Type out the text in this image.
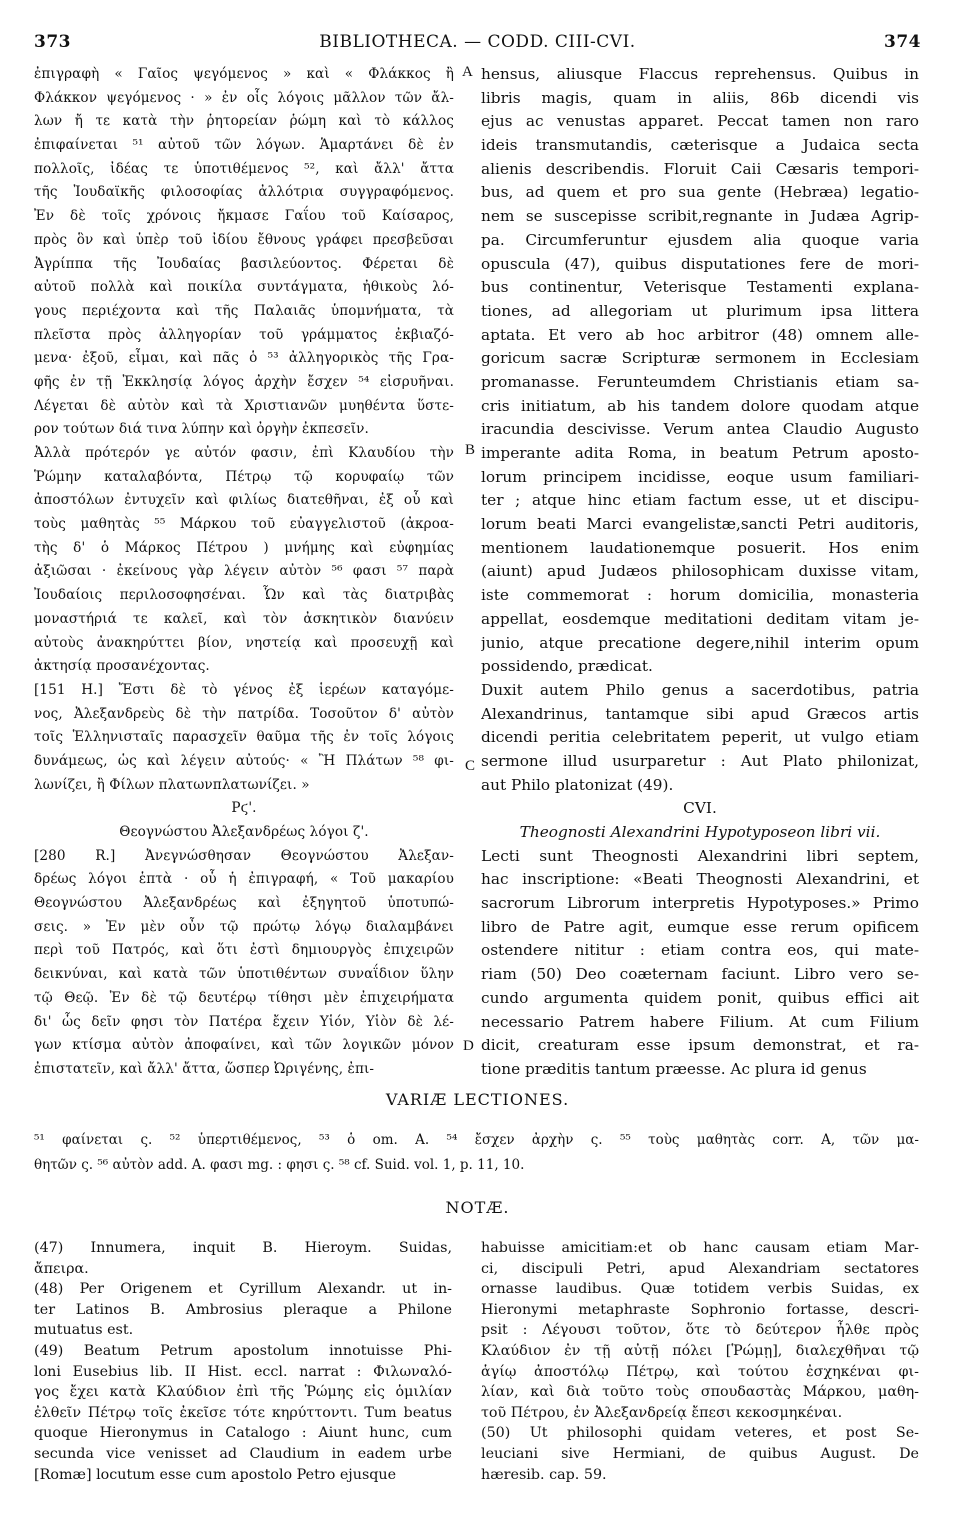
373	BIBLIOTHECA. — CODD. CIII-CVI.	374
ἐπιγραφὴ « Γαῖος ψεγόμενος » καὶ « Φλάκκος ἢ
Φλάκκον ψεγόμενος · » ἐν οἷς λόγοις μᾶλλον τῶν ἄλ-
λων ἤ τε κατὰ τὴν ῥητορείαν ῥώμη καὶ τὸ κάλλος
ἐπιφαίνεται ⁵¹ αὐτοῦ τῶν λόγων. Ἁμαρτάνει δὲ ἐν
πολλοῖς, ἰδέας τε ὑποτιθέμενος ⁵², καὶ ἄλλ' ἄττα
τῆς Ἰουδαϊκῆς φιλοσοφίας ἀλλότρια συγγραφόμενος.
Ἐν δὲ τοῖς χρόνοις ἤκμασε Γαΐου τοῦ Καίσαρος,
πρὸς ὃν καὶ ὑπὲρ τοῦ ἰδίου ἔθνους γράφει πρεσβεῦσαι
Ἀγρίππα τῆς Ἰουδαίας βασιλεύοντος. Φέρεται δὲ
αὐτοῦ πολλὰ καὶ ποικίλα συντάγματα, ἠθικοὺς λό-
γους περιέχοντα καὶ τῆς Παλαιᾶς ὑπομνήματα, τὰ
πλεῖστα πρὸς ἀλληγορίαν τοῦ γράμματος ἐκβιαζό-
μενα· ἐξοῦ, εἶμαι, καὶ πᾶς ὁ ⁵³ ἀλληγορικὸς τῆς Γρα-
φῆς ἐν τῇ Ἐκκλησίᾳ λόγος ἀρχὴν ἔσχεν ⁵⁴ εἰσρυῆναι.
Λέγεται δὲ αὐτὸν καὶ τὰ Χριστιανῶν μυηθέντα ὕστε-
ρον τούτων διά τινα λύπην καὶ ὀργὴν ἐκπεσεῖν.
Ἀλλὰ πρότερόν γε αὐτόν φασιν, ἐπὶ Κλαυδίου τὴν
Ῥώμην καταλαβόντα, Πέτρῳ τῷ κορυφαίῳ τῶν
ἀποστόλων ἐντυχεῖν καὶ φιλίως διατεθῆναι, ἐξ οὗ καὶ
τοὺς μαθητὰς ⁵⁵ Μάρκου τοῦ εὐαγγελιστοῦ (ἀκροα-
τὴς δ' ὁ Μάρκος Πέτρου ) μνήμης καὶ εὐφημίας
ἀξιῶσαι · ἐκείνους γὰρ λέγειν αὐτὸν ⁵⁶ φασι ⁵⁷ παρὰ
Ἰουδαίοις περιλοσοφησέναι. Ὧν καὶ τὰς διατριβὰς
μοναστήριά τε καλεῖ, καὶ τὸν ἀσκητικὸν διανύειν
αὐτοὺς ἀνακηρύττει βίον, νηστείᾳ καὶ προσευχῇ καὶ
ἀκτησίᾳ προσανέχοντας.
[151 H.] Ἔστι δὲ τὸ γένος ἐξ ἱερέων καταγόμε-
νος, Ἀλεξανδρεὺς δὲ τὴν πατρίδα. Τοσοῦτον δ' αὐτὸν
τοῖς Ἑλληνισταῖς παρασχεῖν θαῦμα τῆς ἐν τοῖς λόγοις
δυνάμεως, ὡς καὶ λέγειν αὐτούς· « Ἢ Πλάτων ⁵⁸ φι-
λωνίζει, ἢ Φίλων πλατωνπλατωνίζει. »
Ρϛ'.
Θεογνώστου Ἀλεξανδρέως λόγοι ζ'.
[280 R.] Ἀνεγνώσθησαν Θεογνώστου Ἀλεξαν-
δρέως λόγοι ἑπτὰ · οὗ ἡ ἐπιγραφή, « Τοῦ μακαρίου
Θεογνώστου Ἀλεξανδρέως καὶ ἐξηγητοῦ ὑποτυπώ-
σεις. » Ἐν μὲν οὖν τῷ πρώτῳ λόγῳ διαλαμβάνει
περὶ τοῦ Πατρός, καὶ ὅτι ἐστὶ δημιουργὸς ἐπιχειρῶν
δεικνύναι, καὶ κατὰ τῶν ὑποτιθέντων συναΐδιον ὕλην
τῷ Θεῷ. Ἐν δὲ τῷ δευτέρῳ τίθησι μὲν ἐπιχειρήματα
δι' ὧς δεῖν φησι τὸν Πατέρα ἔχειν Υἱόν, Υἱὸν δὲ λέ-
γων κτίσμα αὐτὸν ἀποφαίνει, καὶ τῶν λογικῶν μόνον
ἐπιστατεῖν, καὶ ἄλλ' ἄττα, ὥσπερ Ὠριγένης, ἐπι-
hensus, aliusque Flaccus reprehensus. Quibus in
libris magis, quam in aliis, 86b dicendi vis
ejus ac venustas apparet. Peccat tamen non raro
ideis transmutandis, cæterisque a Judaica secta
alienis describendis. Floruit Caii Cæsaris tempori-
bus, ad quem et pro sua gente (Hebræa) legatio-
nem se suscepisse scribit,regnante in Judæa Agrip-
pa. Circumferuntur ejusdem alia quoque varia
opuscula (47), quibus disputationes fere de mori-
bus continentur, Veterisque Testamenti explana-
tiones, ad allegoriam ut plurimum ipsa littera
aptata. Et vero ab hoc arbitror (48) omnem alle-
goricum sacræ Scripturæ sermonem in Ecclesiam
promanasse. Feruntеumdem Christianis etiam sa-
cris initiatum, ab his tandem dolore quodam atque
iracundia descivisse. Verum antea Claudio Augusto
imperante adita Roma, in beatum Petrum aposto-
lorum principem incidisse, eoque usum familiari-
ter ; atque hinc etiam factum esse, ut et discipu-
lorum beati Marci evangelistæ,sancti Petri auditoris,
mentionem laudationemque posuerit. Hos enim
(aiunt) apud Judæos philosophicam duxisse vitam,
iste commemorat : horum domicilia, monasteria
appellat, eosdemque meditationi deditam vitam je-
junio, atque precatione degere,nihil interim opum
possidendo, prædicat.
Duxit autem Philo genus a sacerdotibus, patria
Alexandrinus, tantamque sibi apud Græcos artis
dicendi peritia celebritatem peperit, ut vulgo etiam
sermone illud usurparetur : Aut Plato philonizat,
aut Philo platonizat (49).
CVI.
Theognosti Alexandrini Hypotyposeon libri vii.
Lecti sunt Theognosti Alexandrini libri septem,
hac inscriptione: «Beati Theognosti Alexandrini, et
sacrorum Librorum interpretis Hypotyposes.» Primo
libro de Patre agit, eumque esse rerum opificem
ostendere nititur : etiam contra eos, qui mate-
riam (50) Deo coæternam faciunt. Libro vero se-
cundo argumenta quidem ponit, quibus effici ait
necessario Patrem habere Filium. At cum Filium
dicit, creaturam esse ipsum demonstrat, et ra-
tione præditis tantum præesse. Ac plura id genus
A
B
C
D
VARIÆ LECTIONES.
⁵¹ φαίνεται ς. ⁵² ὑπερτιθέμενος, ⁵³ ὁ om. A. ⁵⁴ ἔσχεν ἀρχὴν ς. ⁵⁵ τοὺς μαθητὰς corr. A, τῶν μα-
θητῶν ς. ⁵⁶ αὐτὸν add. A. φασι mg. : φησι ς. ⁵⁸ cf. Suid. vol. 1, p. 11, 10.
NOTÆ.
(47) Innumera, inquit B. Hieroym. Suidas,
ἄπειρα.
(48) Per Origenem et Cyrillum Alexandr. ut in-
ter Latinos B. Ambrosius pleraque a Philone
mutuatus est.
(49) Beatum Petrum apostolum innotuisse Phi-
loni Eusebius lib. II Hist. eccl. narrat : Φιλωναλό-
γος ἔχει κατὰ Κλαύδιον ἐπὶ τῆς Ῥώμης εἰς ὁμιλίαν
ἐλθεῖν Πέτρῳ τοῖς ἐκεῖσε τότε κηρύττοντι. Tum beatus
quoque Hieronymus in Catalogo : Aiunt hunc, cum
secunda vice venisset ad Claudium in eadem urbe
[Romæ] locutum esse cum apostolo Petro ejusque
habuisse amicitiam:et ob hanc causam etiam Mar-
ci, discipuli Petri, apud Alexandriam sectatores
ornasse laudibus. Quæ totidem verbis Suidas, ex
Hieronymi metaphraste Sophronio fortasse, descri-
psit : Λέγουσι τοῦτον, ὅτε τὸ δεύτερον ἦλθε πρὸς
Κλαύδιον ἐν τῇ αὐτῇ πόλει [Ῥώμῃ], διαλεχθῆναι τῷ
ἁγίῳ ἀποστόλῳ Πέτρῳ, καὶ τούτου ἐσχηκέναι φι-
λίαν, καὶ διὰ τοῦτο τοὺς σπουδαστὰς Μάρκου, μαθη-
τοῦ Πέτρου, ἐν Ἀλεξανδρείᾳ ἔπεσι κεκοσμηκέναι.
(50) Ut philosophi quidam veteres, et post Se-
leuciani sive Hermiani, de quibus August. De
hæresib. cap. 59.
